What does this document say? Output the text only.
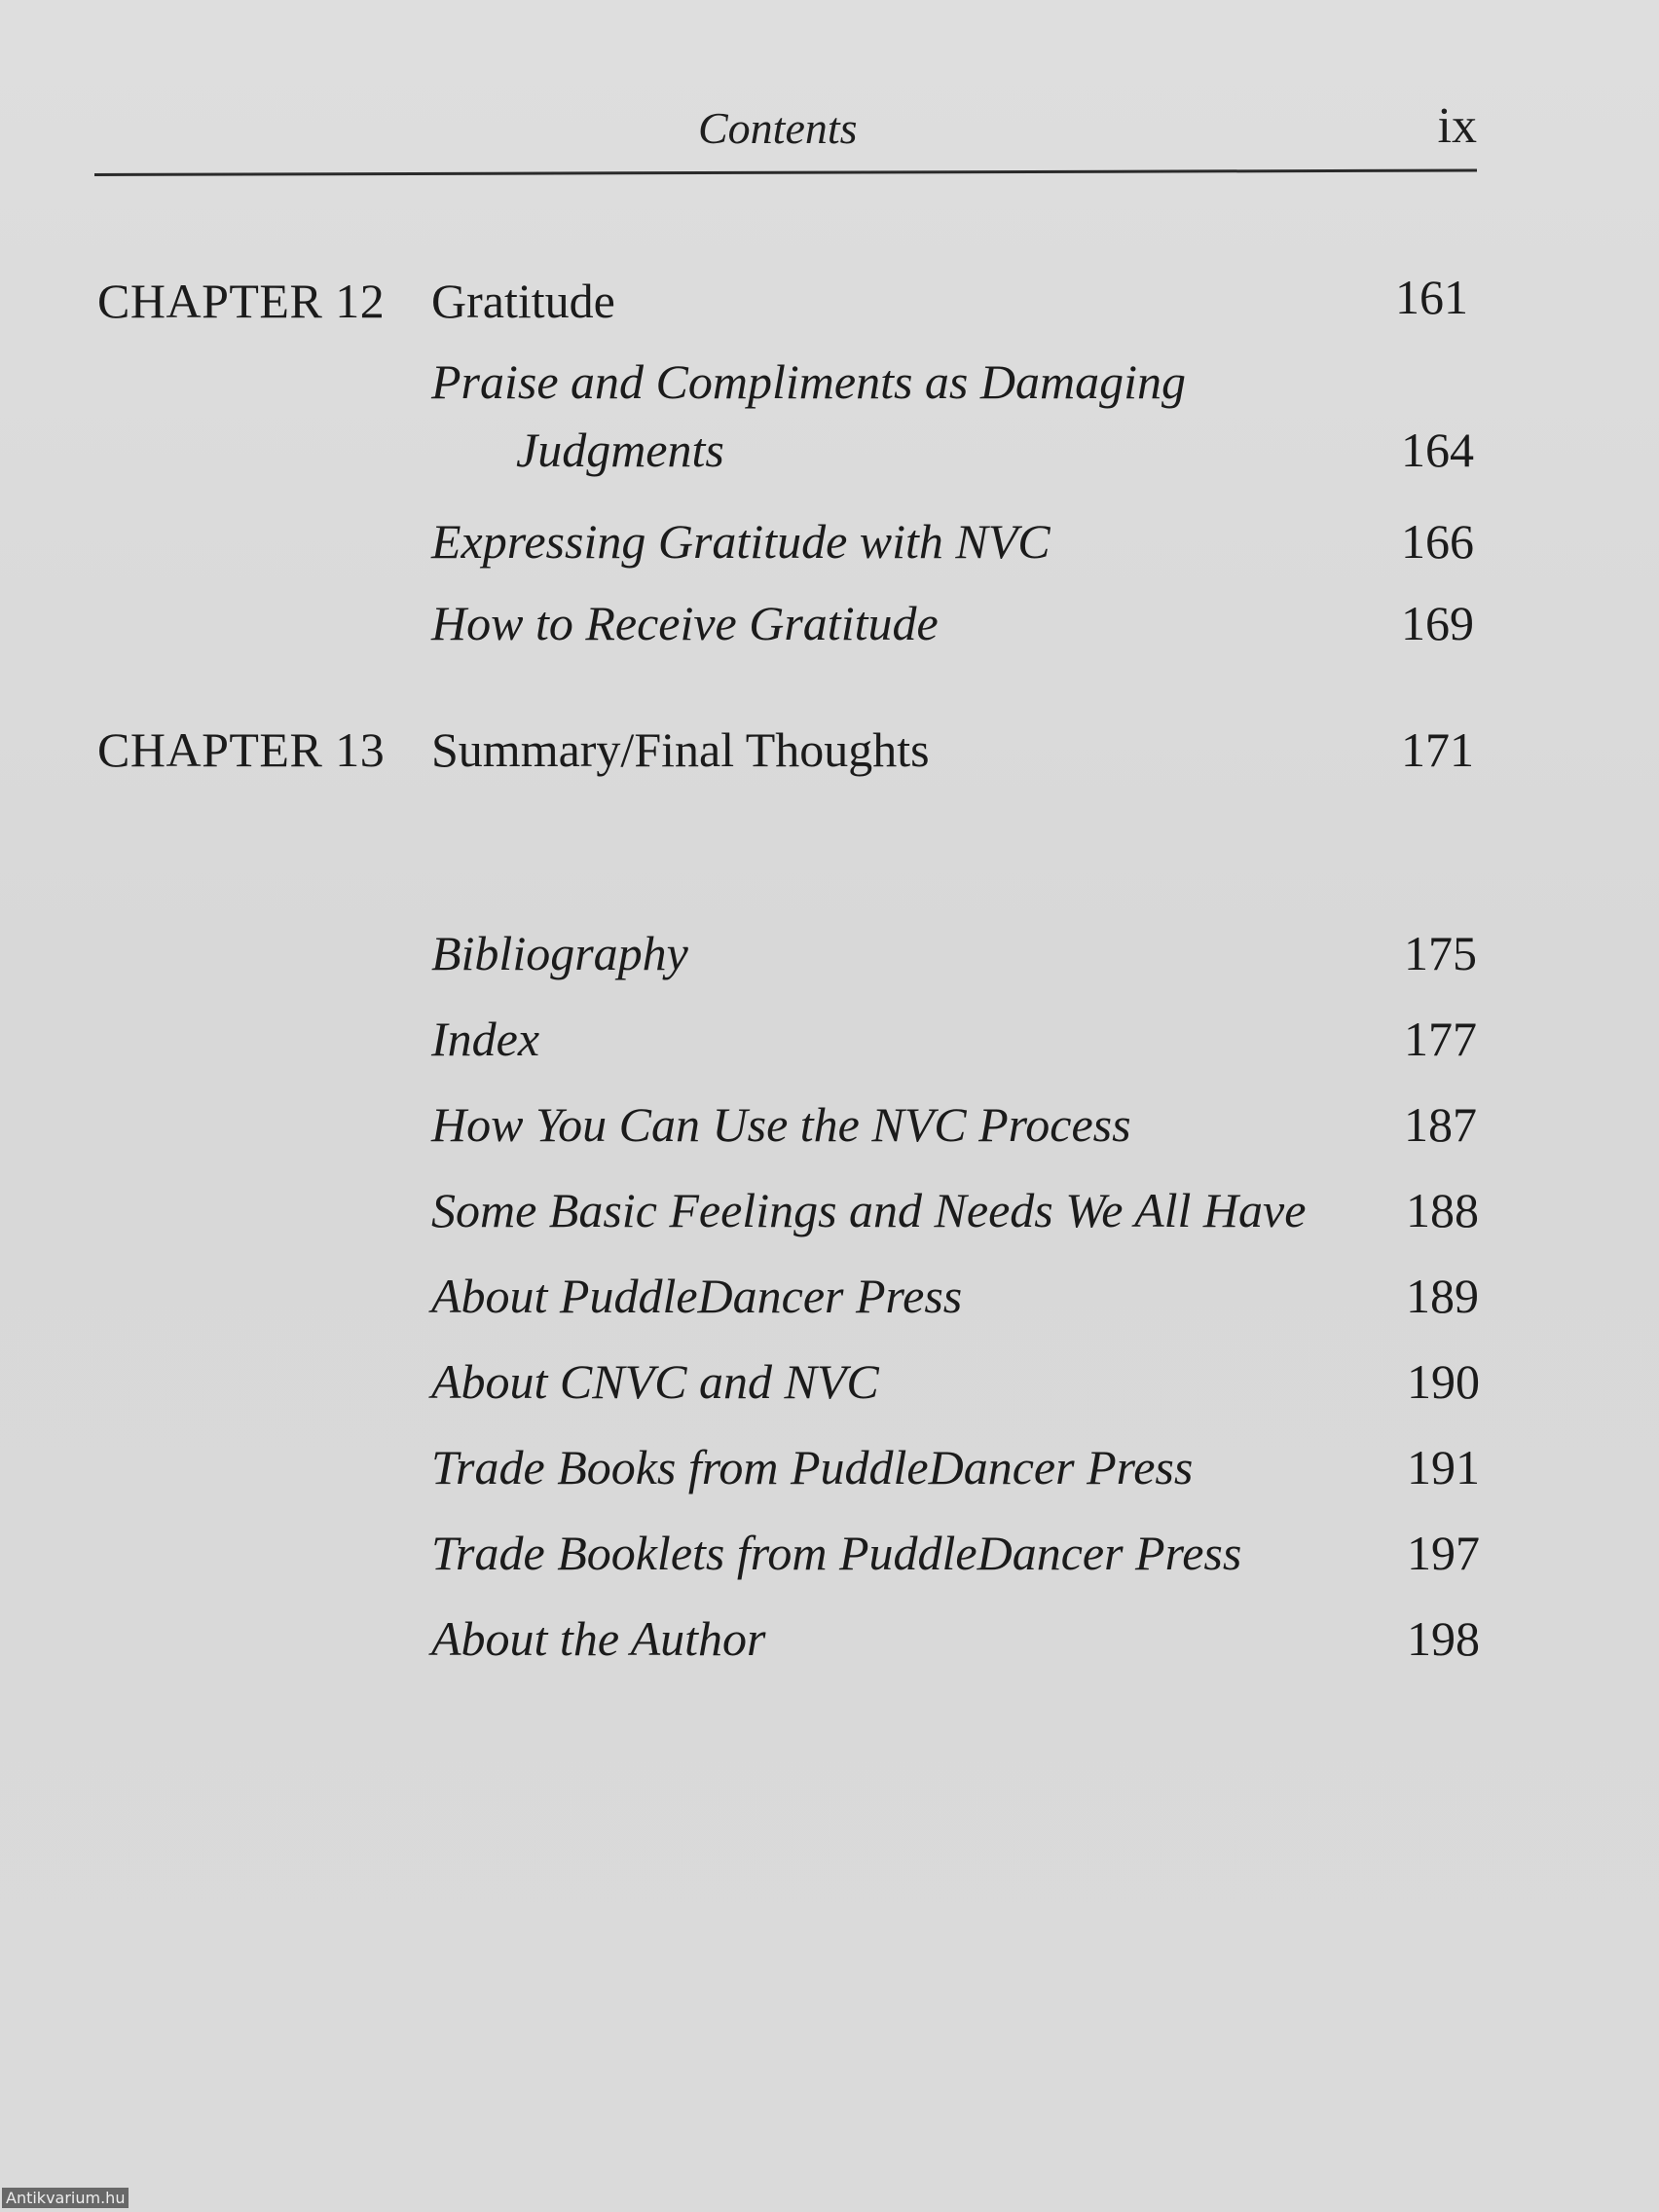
Contents	ix
CHAPTER 12 Gratitude	161
Praise and Compliments as Damaging
Judgments	164
Expressing Gratitude with NVC	166
How to Receive Gratitude	169
CHAPTER 13 Summary/Final Thoughts	171
Bibliography	175
Index	177
How You Can Use the NVC Process	187
Some Basic Feelings and Needs We All Have 188
About PuddleDancer Press	189
About CNVC and NVC	190
Trade Books from PuddleDancer Press	191
Trade Booklets from PuddleDancer Press	197
About the Author	198
Antikvarium.hu
